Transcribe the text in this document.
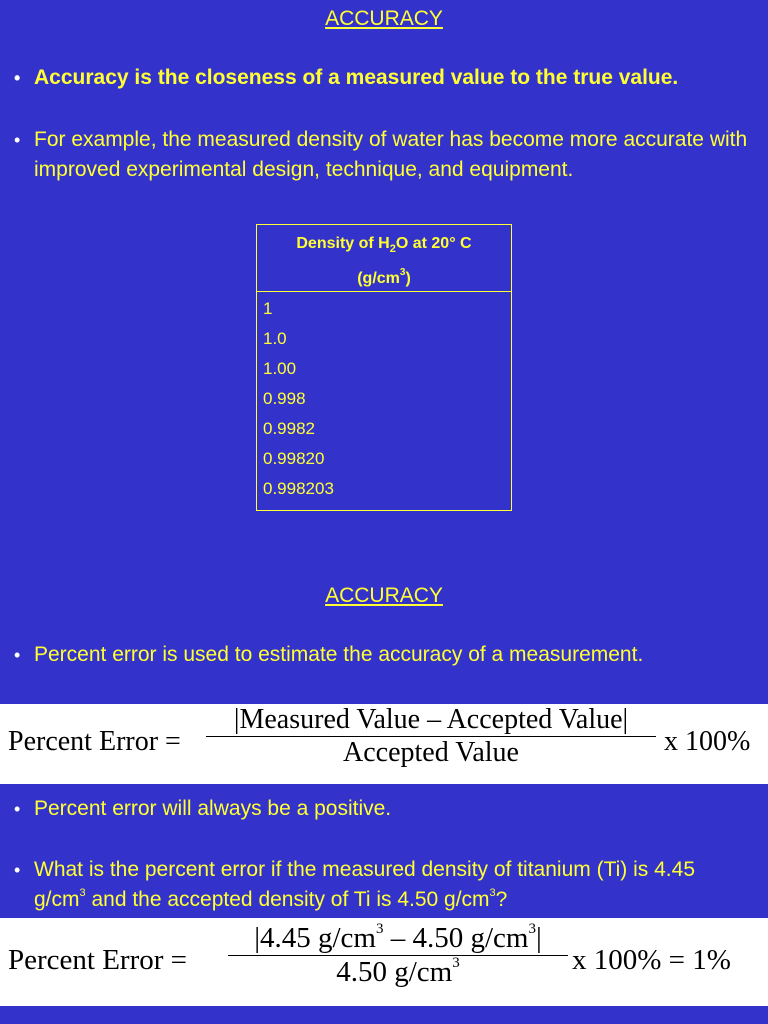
ACCURACY
• Accuracy is the closeness of a measured value to the true value.
• For example, the measured density of water has become more accurate with improved experimental design, technique, and equipment.
Density of $H_2O$ at 20° C
$(g/cm^3)$
1
1.0
1.00
0.998
0.9982
0.99820
0.998203
ACCURACY
• Percent error is used to estimate the accuracy of a measurement.
Percent Error =
|Measured Value – Accepted Value|
Accepted Value	x 100%
• Percent error will always be a positive.
• What is the percent error if the measured density of titanium (Ti) is 4.45 $g/cm^3$ and the accepted density of Ti is 4.50 $g/cm^3$?
Percent Error = $\frac{|4.45 g/cm^3 - 4.50 g/cm^3|}{4.50 g/cm^3}$ x 100% = 1%
